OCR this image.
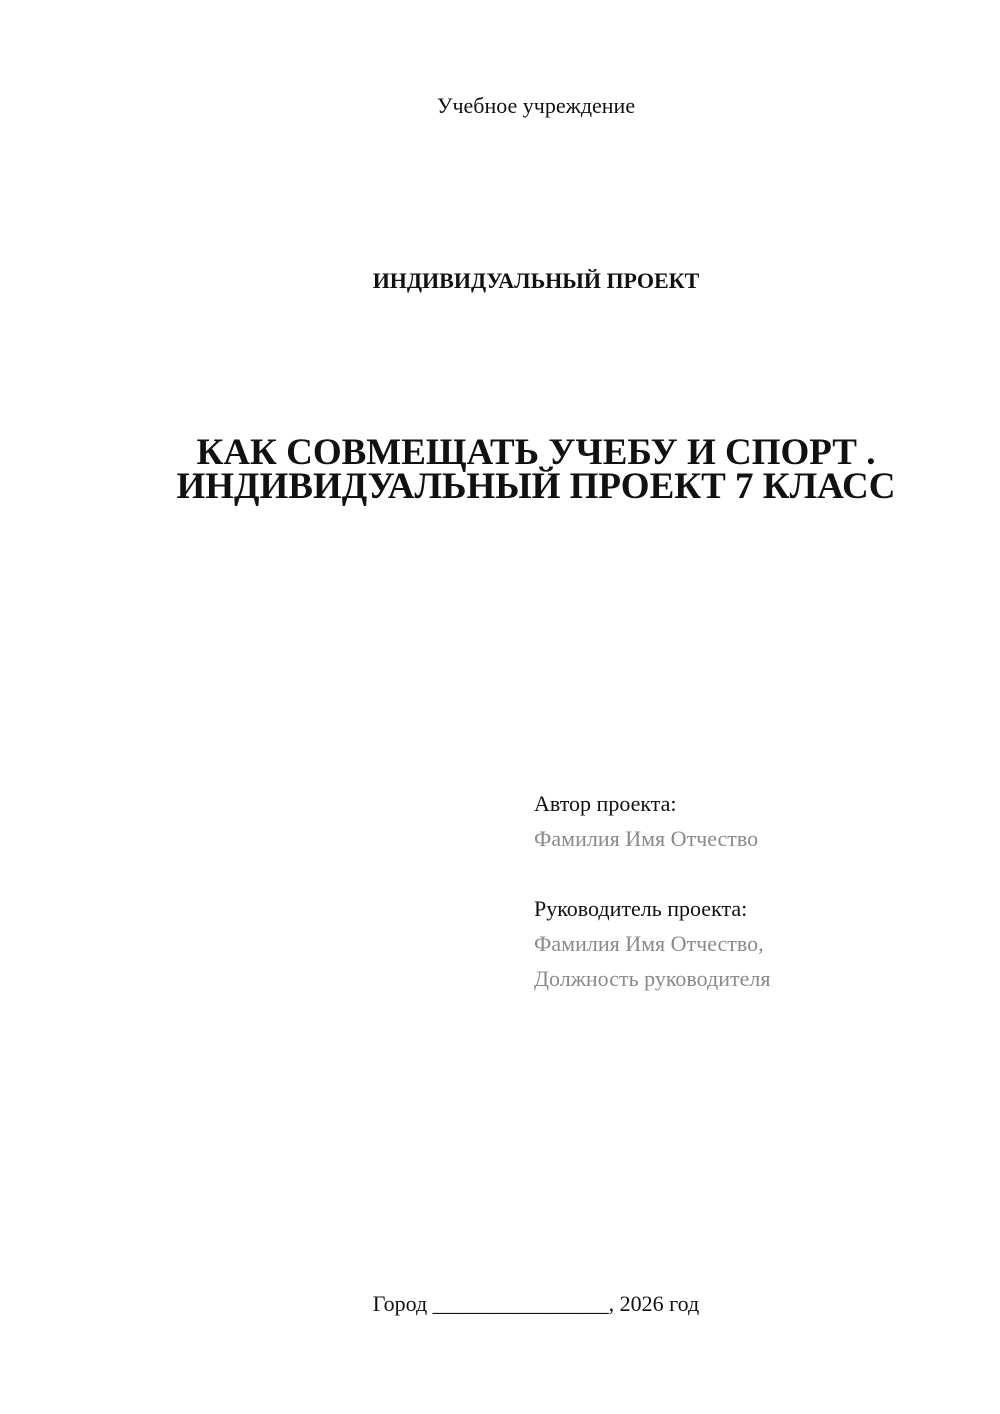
Учебное учреждение
ИНДИВИДУАЛЬНЫЙ ПРОЕКТ
КАК СОВМЕЩАТЬ УЧЕБУ И СПОРТ .
ИНДИВИДУАЛЬНЫЙ ПРОЕКТ 7 КЛАСС
Автор проекта:
Фамилия Имя Отчество
Руководитель проекта:
Фамилия Имя Отчество,
Должность руководителя
Город ________________, 2026 год
